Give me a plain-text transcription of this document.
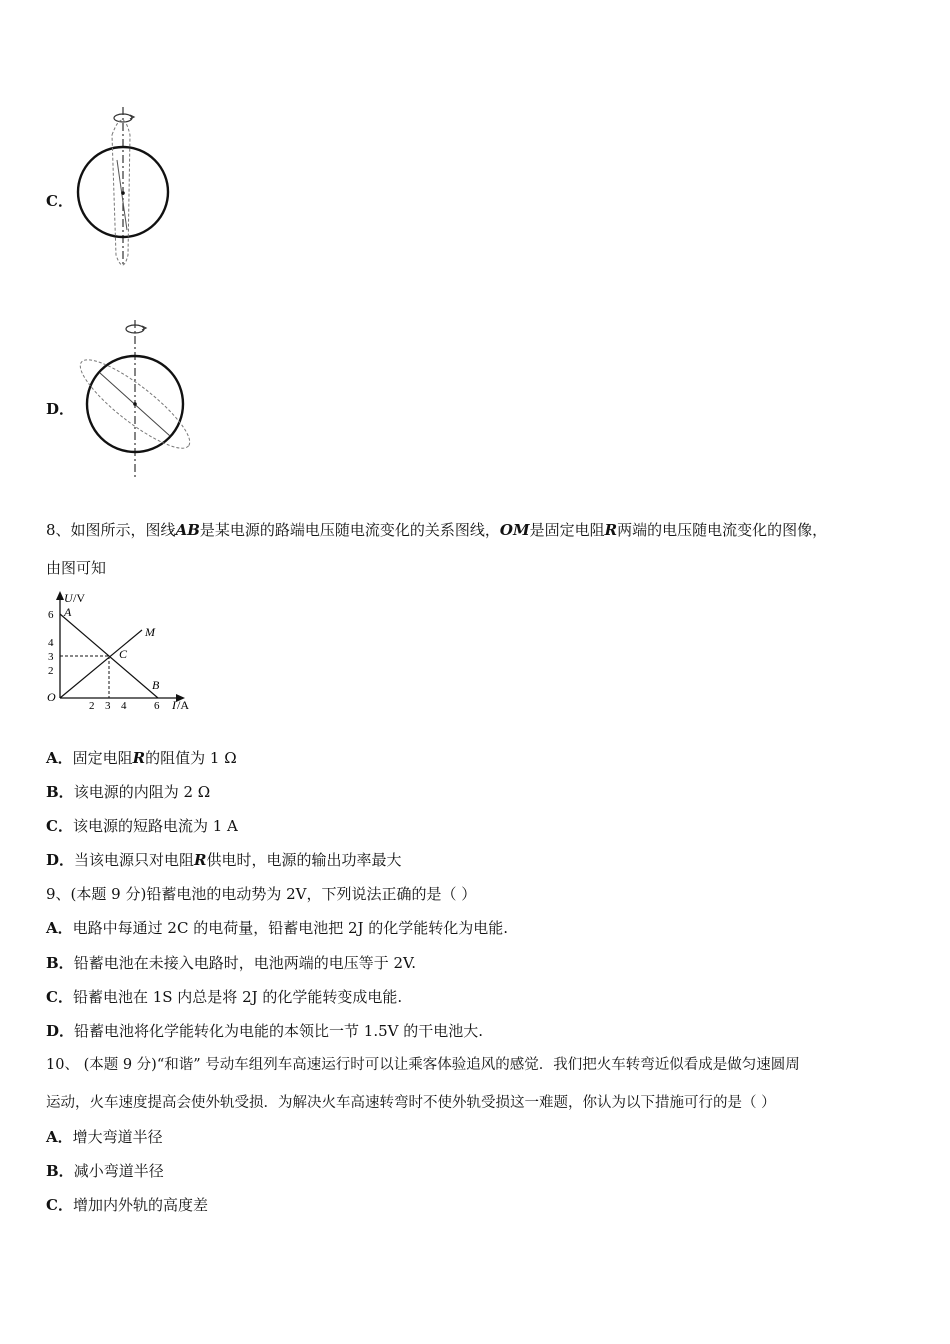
C．
D．
8、如图所示，图线AB是某电源的路端电压随电流变化的关系图线，OM是固定电阻R两端的电压随电流变化的图像，
由图可知
U /V
I /A
6
4
3
2
2 3 4	6
O
A
C
M
B
A．固定电阻R的阻值为 1 Ω
B．该电源的内阻为 2 Ω
C．该电源的短路电流为 1 A
D．当该电源只对电阻R供电时，电源的输出功率最大
9、(本题 9 分)铅蓄电池的电动势为 2V，下列说法正确的是（ ）
A．电路中每通过 2C 的电荷量，铅蓄电池把 2J 的化学能转化为电能.
B．铅蓄电池在未接入电路时，电池两端的电压等于 2V.
C．铅蓄电池在 1S 内总是将 2J 的化学能转变成电能.
D．铅蓄电池将化学能转化为电能的本领比一节 1.5V 的干电池大.
10、 (本题 9 分)“和谐” 号动车组列车高速运行时可以让乘客体验追风的感觉．我们把火车转弯近似看成是做匀速圆周
运动，火车速度提高会使外轨受损．为解决火车高速转弯时不使外轨受损这一难题，你认为以下措施可行的是（ ）
A．增大弯道半径
B．减小弯道半径
C．增加内外轨的高度差
